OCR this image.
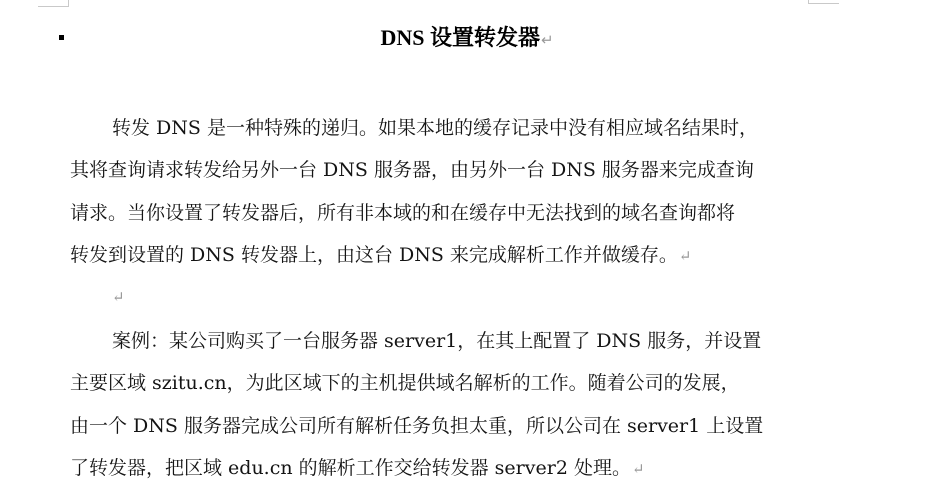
DNS 设置转发器↵
转发 DNS 是一种特殊的递归。如果本地的缓存记录中没有相应域名结果时，
其将查询请求转发给另外一台 DNS 服务器，由另外一台 DNS 服务器来完成查询
请求。当你设置了转发器后，所有非本域的和在缓存中无法找到的域名查询都将
转发到设置的 DNS 转发器上，由这台 DNS 来完成解析工作并做缓存。↵
↵
案例：某公司购买了一台服务器 server1，在其上配置了 DNS 服务，并设置
主要区域 szitu.cn，为此区域下的主机提供域名解析的工作。随着公司的发展，
由一个 DNS 服务器完成公司所有解析任务负担太重，所以公司在 server1 上设置
了转发器，把区域 edu.cn 的解析工作交给转发器 server2 处理。↵
